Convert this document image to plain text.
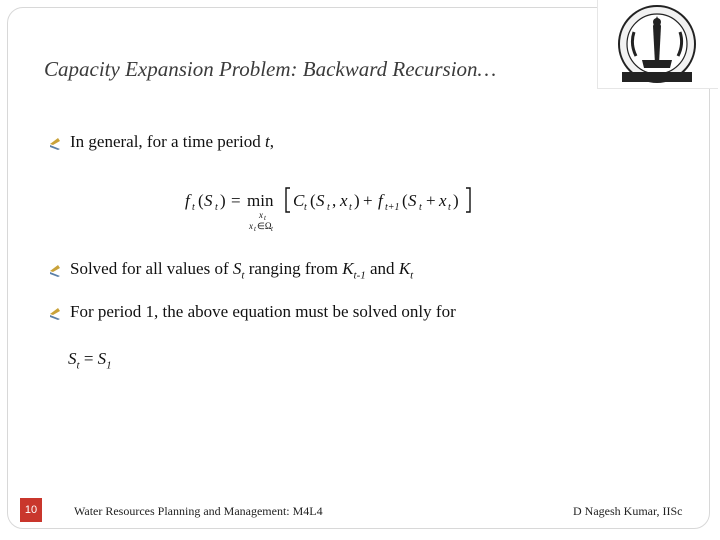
Capacity Expansion Problem: Backward Recursion…
In general, for a time period t,
f t ( S t ) = min
x t
x t ∈Ω t
C t ( S t , x t ) + f t+1 ( S t + x t )
Solved for all values of $S_t$ ranging from $K_{t-1}$ and $K_t$
For period 1, the above equation must be solved only for
$S_t = S_1$
10	Water Resources Planning and Management: M4L4	D Nagesh Kumar, IISc
